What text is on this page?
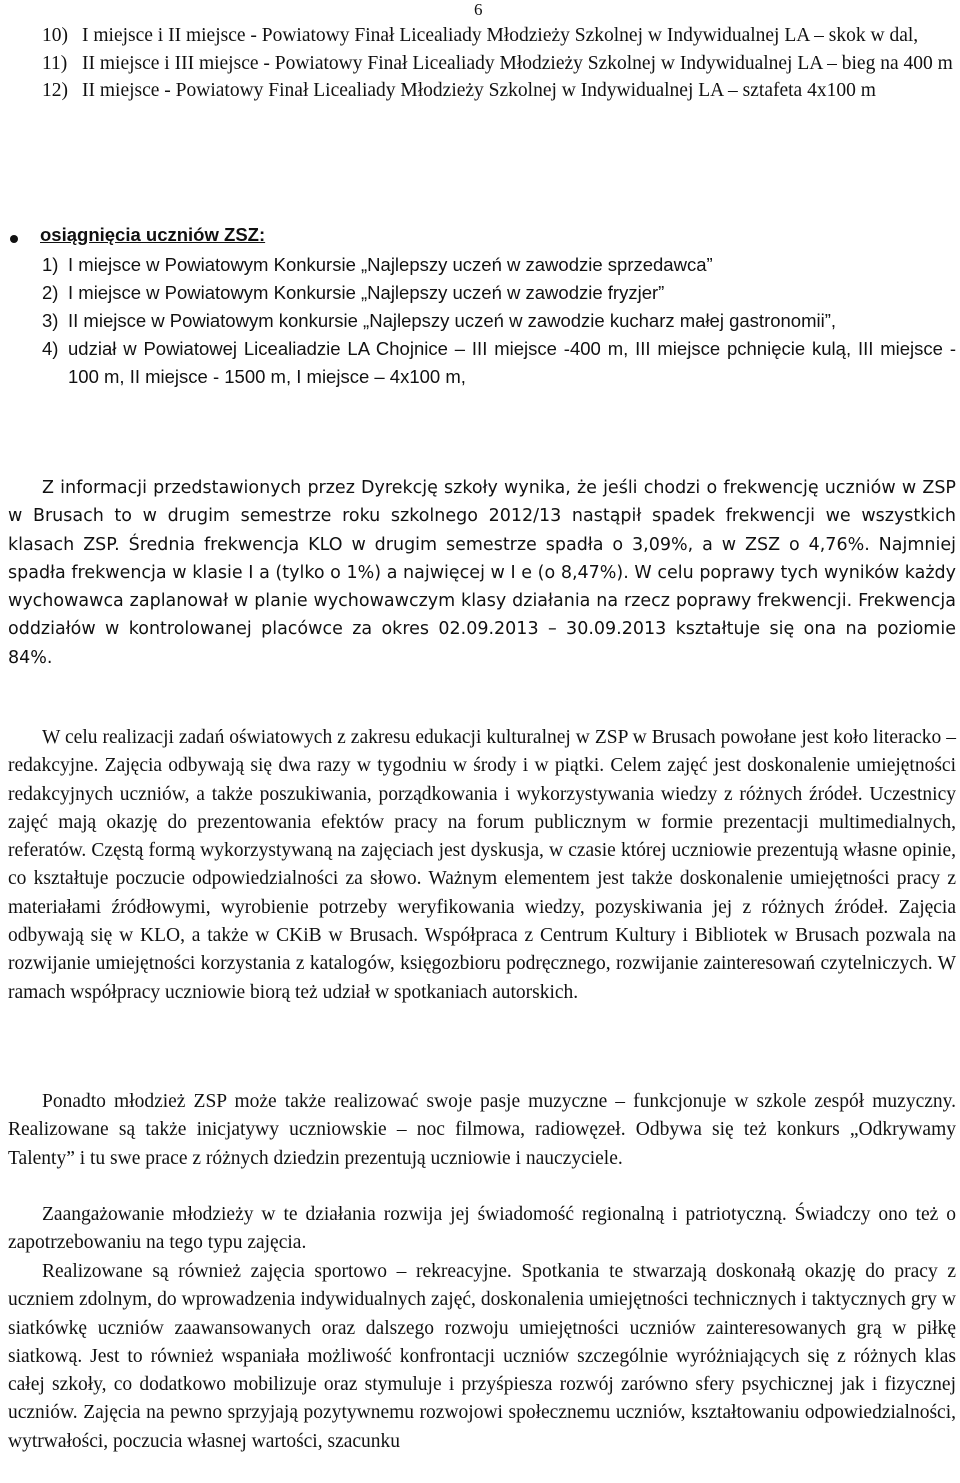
6
10) I miejsce i II miejsce - Powiatowy Finał Licealiady Młodzieży Szkolnej w Indywidualnej LA – skok w dal,
11) II miejsce i III miejsce - Powiatowy Finał Licealiady Młodzieży Szkolnej w Indywidualnej LA – bieg na 400 m
12) II miejsce - Powiatowy Finał Licealiady Młodzieży Szkolnej w Indywidualnej LA – sztafeta 4x100 m
osiągnięcia uczniów ZSZ:
1) I miejsce w Powiatowym Konkursie „Najlepszy uczeń w zawodzie sprzedawca”
2) I miejsce w Powiatowym Konkursie „Najlepszy uczeń w zawodzie fryzjer”
3) II miejsce w Powiatowym konkursie „Najlepszy uczeń w zawodzie kucharz małej gastronomii”,
4) udział w Powiatowej Licealiadzie LA Chojnice – III miejsce -400 m, III miejsce pchnięcie kulą, III miejsce - 100 m, II miejsce - 1500 m, I miejsce – 4x100 m,
Z informacji przedstawionych przez Dyrekcję szkoły wynika, że jeśli chodzi o frekwencję uczniów w ZSP w Brusach to w drugim semestrze roku szkolnego 2012/13 nastąpił spadek frekwencji we wszystkich klasach ZSP. Średnia frekwencja KLO w drugim semestrze spadła o 3,09%, a w ZSZ o 4,76%. Najmniej spadła frekwencja w klasie I a (tylko o 1%) a najwięcej w I e (o 8,47%). W celu poprawy tych wyników każdy wychowawca zaplanował w planie wychowawczym klasy działania na rzecz poprawy frekwencji. Frekwencja oddziałów w kontrolowanej placówce za okres 02.09.2013 – 30.09.2013 kształtuje się ona na poziomie 84%.
W celu realizacji zadań oświatowych z zakresu edukacji kulturalnej w ZSP w Brusach powołane jest koło literacko – redakcyjne. Zajęcia odbywają się dwa razy w tygodniu w środy i w piątki. Celem zajęć jest doskonalenie umiejętności redakcyjnych uczniów, a także poszukiwania, porządkowania i wykorzystywania wiedzy z różnych źródeł. Uczestnicy zajęć mają okazję do prezentowania efektów pracy na forum publicznym w formie prezentacji multimedialnych, referatów. Częstą formą wykorzystywaną na zajęciach jest dyskusja, w czasie której uczniowie prezentują własne opinie, co kształtuje poczucie odpowiedzialności za słowo. Ważnym elementem jest także doskonalenie umiejętności pracy z materiałami źródłowymi, wyrobienie potrzeby weryfikowania wiedzy, pozyskiwania jej z różnych źródeł. Zajęcia odbywają się w KLO, a także w CKiB w Brusach. Współpraca z Centrum Kultury i Bibliotek w Brusach pozwala na rozwijanie umiejętności korzystania z katalogów, księgozbioru podręcznego, rozwijanie zainteresowań czytelniczych. W ramach współpracy uczniowie biorą też udział w spotkaniach autorskich.
Ponadto młodzież ZSP może także realizować swoje pasje muzyczne – funkcjonuje w szkole zespół muzyczny. Realizowane są także inicjatywy uczniowskie – noc filmowa, radiowęzeł. Odbywa się też konkurs „Odkrywamy Talenty” i tu swe prace z różnych dziedzin prezentują uczniowie i nauczyciele.
Zaangażowanie młodzieży w te działania rozwija jej świadomość regionalną i patriotyczną. Świadczy ono też o zapotrzebowaniu na tego typu zajęcia.
Realizowane są również zajęcia sportowo – rekreacyjne. Spotkania te stwarzają doskonałą okazję do pracy z uczniem zdolnym, do wprowadzenia indywidualnych zajęć, doskonalenia umiejętności technicznych i taktycznych gry w siatkówkę uczniów zaawansowanych oraz dalszego rozwoju umiejętności uczniów zainteresowanych grą w piłkę siatkową. Jest to również wspaniała możliwość konfrontacji uczniów szczególnie wyróżniających się z różnych klas całej szkoły, co dodatkowo mobilizuje oraz stymuluje i przyśpiesza rozwój zarówno sfery psychicznej jak i fizycznej uczniów. Zajęcia na pewno sprzyjają pozytywnemu rozwojowi społecznemu uczniów, kształtowaniu odpowiedzialności, wytrwałości, poczucia własnej wartości, szacunku
